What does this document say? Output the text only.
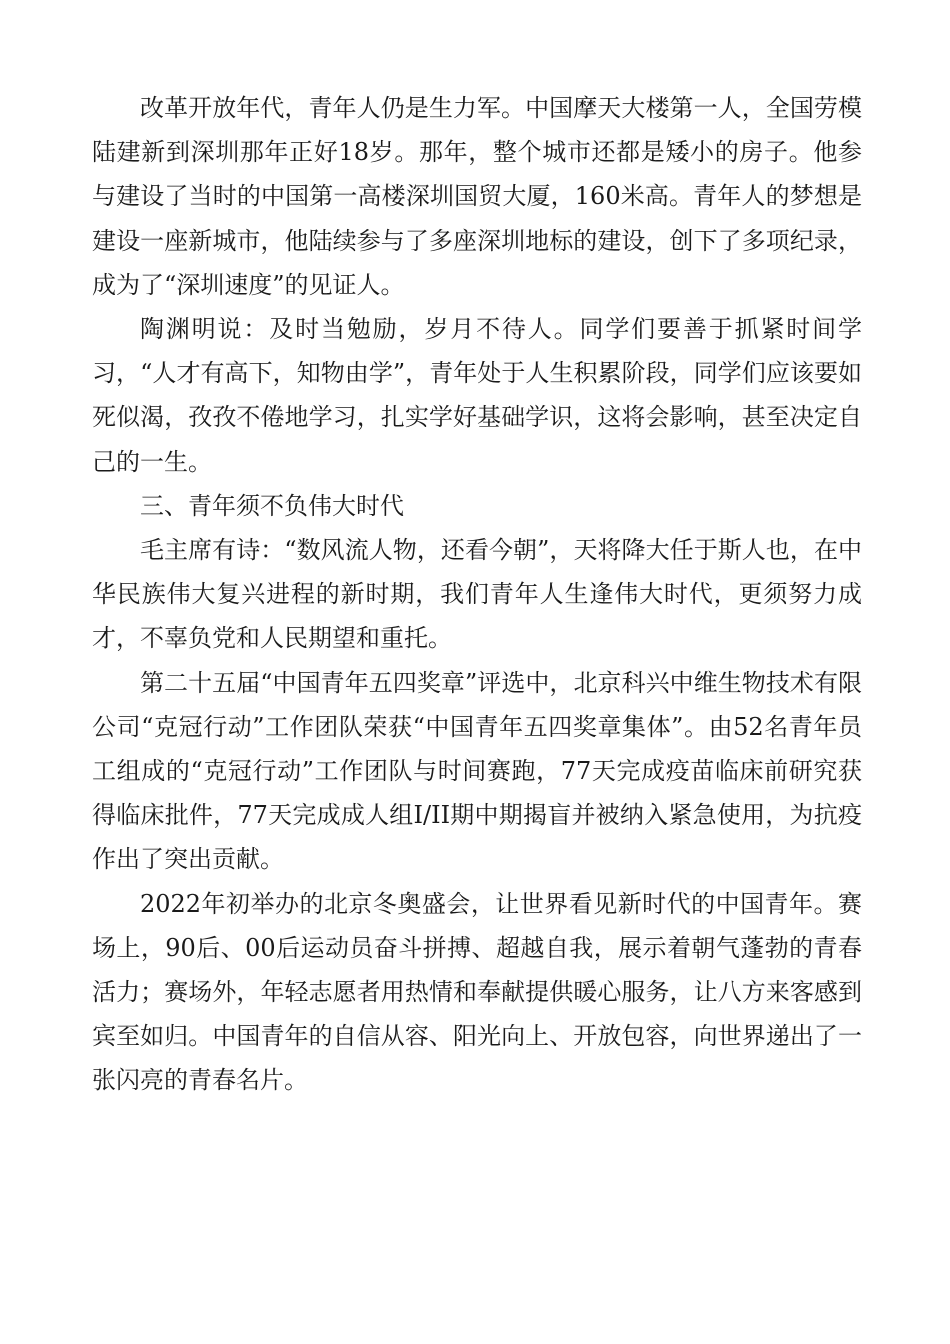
改革开放年代，青年人仍是生力军。中国摩天大楼第一人，全国劳模陆建新到深圳那年正好18岁。那年，整个城市还都是矮小的房子。他参与建设了当时的中国第一高楼深圳国贸大厦，160米高。青年人的梦想是建设一座新城市，他陆续参与了多座深圳地标的建设，创下了多项纪录，成为了“深圳速度”的见证人。

陶渊明说：及时当勉励，岁月不待人。同学们要善于抓紧时间学习，“人才有高下，知物由学”，青年处于人生积累阶段，同学们应该要如死似渴，孜孜不倦地学习，扎实学好基础学识，这将会影响，甚至决定自己的一生。

三、青年须不负伟大时代

毛主席有诗：“数风流人物，还看今朝”，天将降大任于斯人也，在中华民族伟大复兴进程的新时期，我们青年人生逢伟大时代，更须努力成才，不辜负党和人民期望和重托。

第二十五届“中国青年五四奖章”评选中，北京科兴中维生物技术有限公司“克冠行动”工作团队荣获“中国青年五四奖章集体”。由52名青年员工组成的“克冠行动”工作团队与时间赛跑，77天完成疫苗临床前研究获得临床批件，77天完成成人组I/II期中期揭盲并被纳入紧急使用，为抗疫作出了突出贡献。

2022年初举办的北京冬奥盛会，让世界看见新时代的中国青年。赛场上，90后、00后运动员奋斗拼搏、超越自我，展示着朝气蓬勃的青春活力；赛场外，年轻志愿者用热情和奉献提供暖心服务，让八方来客感到宾至如归。中国青年的自信从容、阳光向上、开放包容，向世界递出了一张闪亮的青春名片。
